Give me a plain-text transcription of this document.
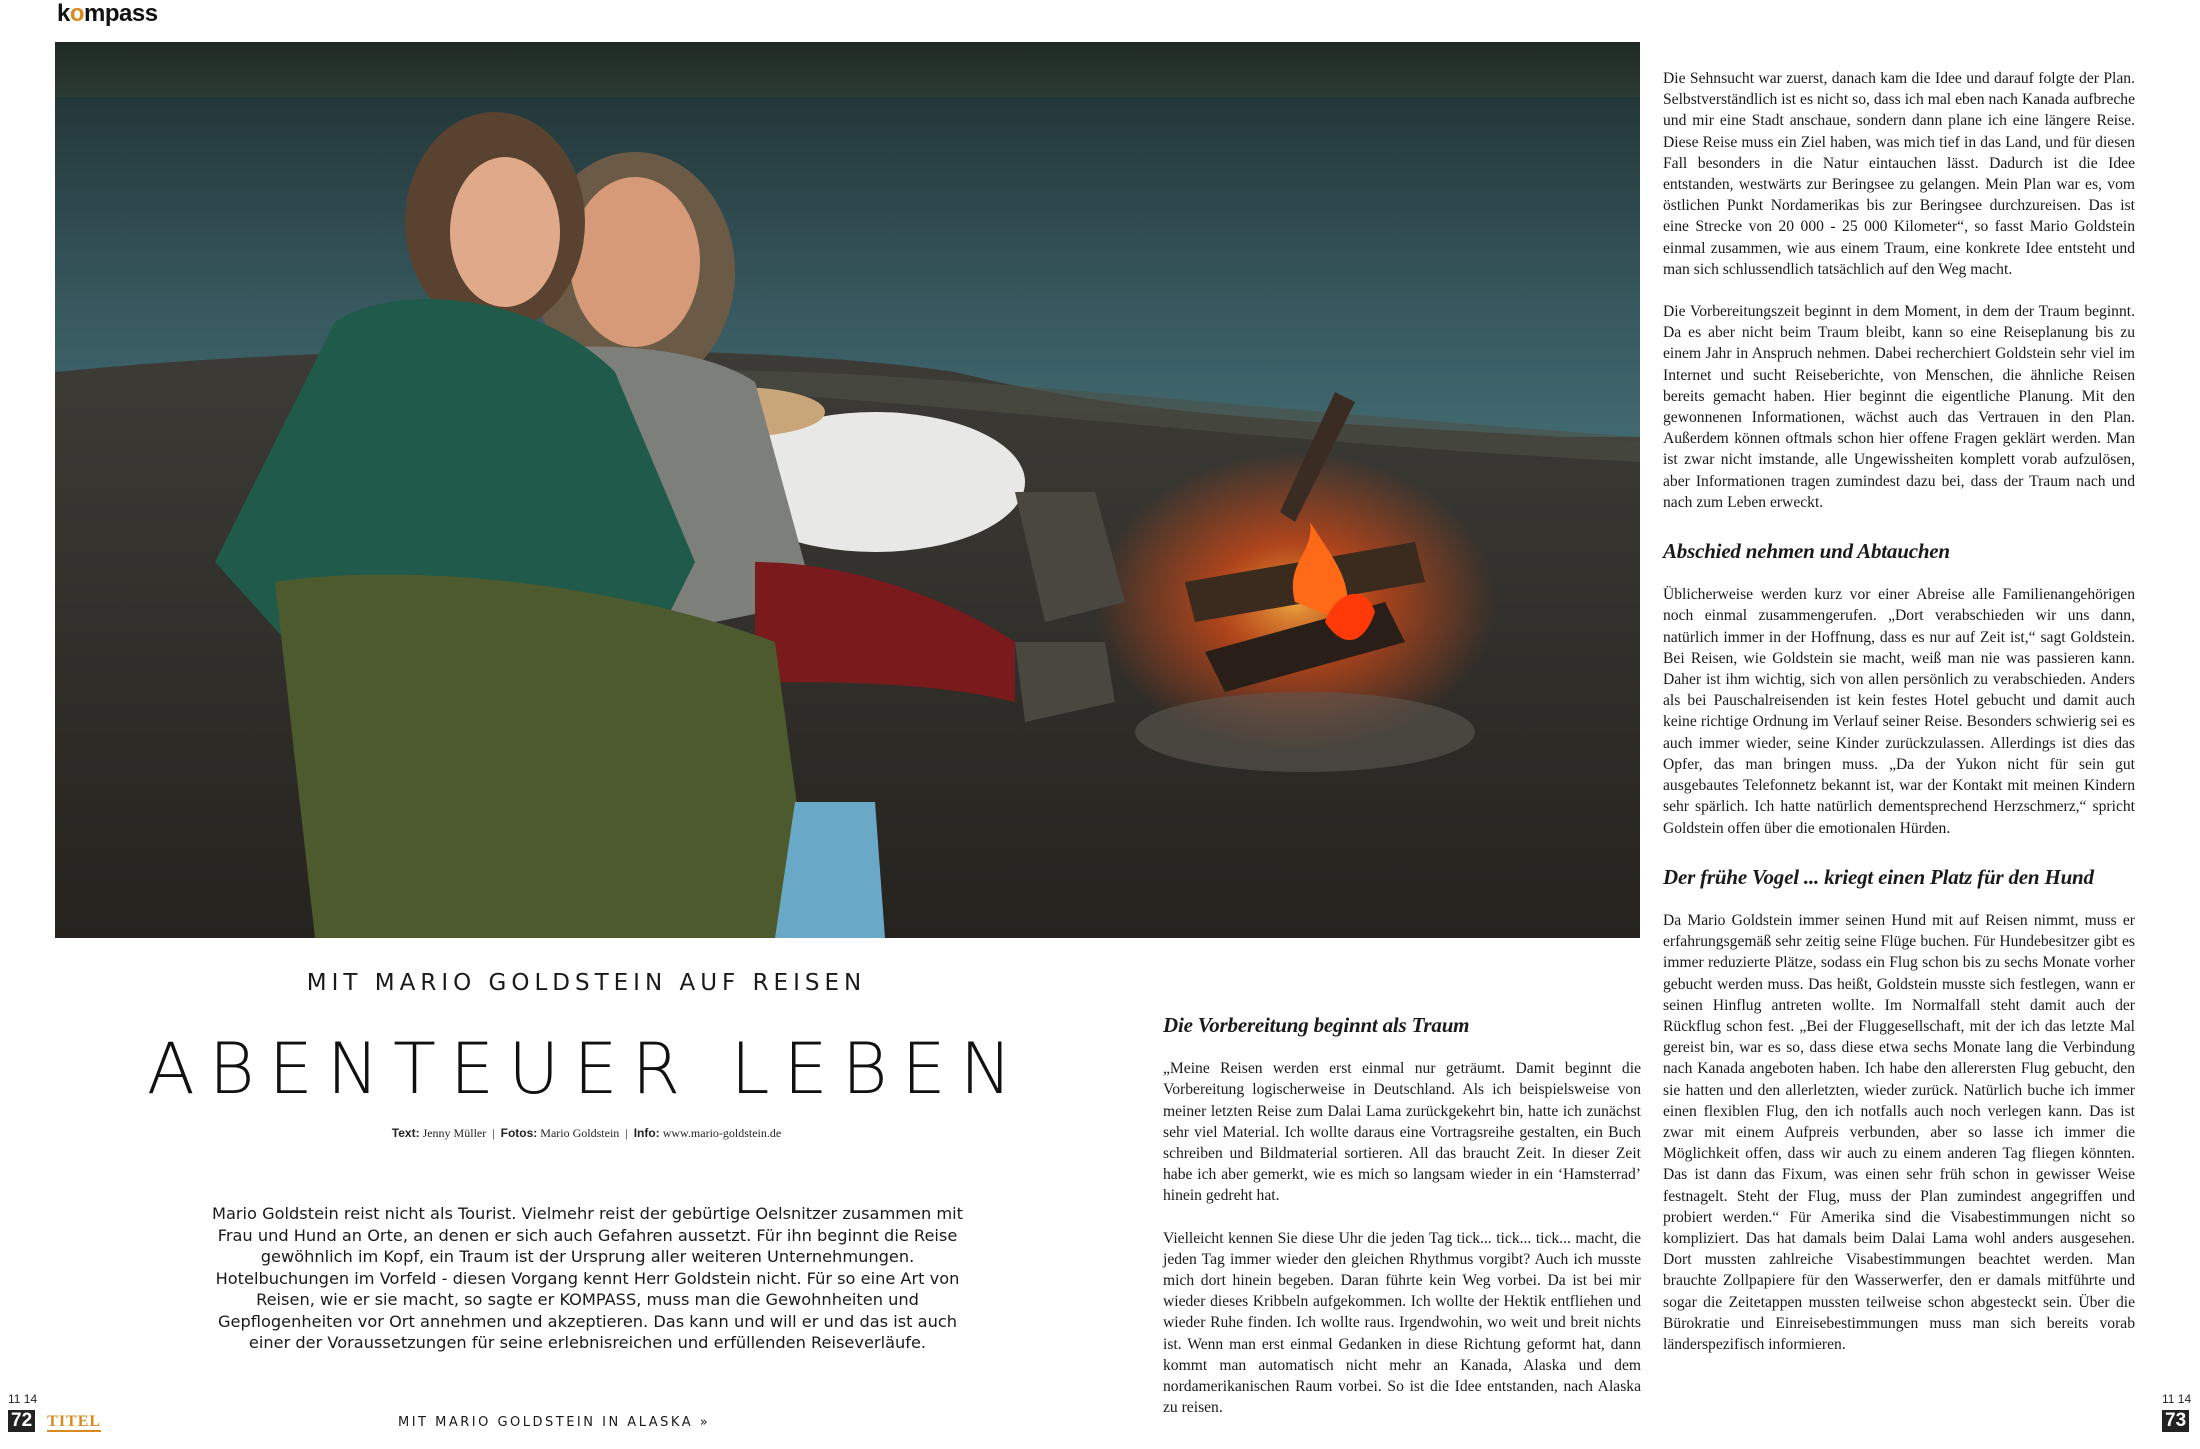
kompass
MIT MARIO GOLDSTEIN AUF REISEN
ABENTEUER LEBEN
Text: Jenny Müller | Fotos: Mario Goldstein | Info: www.mario-goldstein.de
Mario Goldstein reist nicht als Tourist. Vielmehr reist der gebürtige Oelsnitzer zusammen mit Frau und Hund an Orte, an denen er sich auch Gefahren aussetzt. Für ihn beginnt die Reise gewöhnlich im Kopf, ein Traum ist der Ursprung aller weiteren Unternehmungen. Hotelbuchungen im Vorfeld - diesen Vorgang kennt Herr Goldstein nicht. Für so eine Art von Reisen, wie er sie macht, so sagte er KOMPASS, muss man die Gewohnheiten und Gepflogenheiten vor Ort annehmen und akzeptieren. Das kann und will er und das ist auch einer der Voraussetzungen für seine erlebnisreichen und erfüllenden Reiseverläufe.
Die Vorbereitung beginnt als Traum

„Meine Reisen werden erst einmal nur geträumt. Damit beginnt die Vorbereitung logischerweise in Deutschland. Als ich beispielsweise von meiner letzten Reise zum Dalai Lama zurückgekehrt bin, hatte ich zunächst sehr viel Material. Ich wollte daraus eine Vortragsreihe gestalten, ein Buch schreiben und Bildmaterial sortieren. All das braucht Zeit. In dieser Zeit habe ich aber gemerkt, wie es mich so langsam wieder in ein ‘Hamsterrad’ hinein gedreht hat.

Vielleicht kennen Sie diese Uhr die jeden Tag tick... tick... tick... macht, die jeden Tag immer wieder den gleichen Rhythmus vorgibt? Auch ich musste mich dort hinein begeben. Daran führte kein Weg vorbei. Da ist bei mir wieder dieses Kribbeln aufgekommen. Ich wollte der Hektik entfliehen und wieder Ruhe finden. Ich wollte raus. Irgendwohin, wo weit und breit nichts ist. Wenn man erst einmal Gedanken in diese Richtung geformt hat, dann kommt man automatisch nicht mehr an Kanada, Alaska und dem nordamerikanischen Raum vorbei. So ist die Idee entstanden, nach Alaska zu reisen.

Die Sehnsucht war zuerst, danach kam die Idee und darauf folgte der Plan. Selbstverständlich ist es nicht so, dass ich mal eben nach Kanada aufbreche und mir eine Stadt anschaue, sondern dann plane ich eine längere Reise. Diese Reise muss ein Ziel haben, was mich tief in das Land, und für diesen Fall besonders in die Natur eintauchen lässt. Dadurch ist die Idee entstanden, westwärts zur Beringsee zu gelangen. Mein Plan war es, vom östlichen Punkt Nordamerikas bis zur Beringsee durchzureisen. Das ist eine Strecke von 20 000 - 25 000 Kilometer“, so fasst Mario Goldstein einmal zusammen, wie aus einem Traum, eine konkrete Idee entsteht und man sich schlussendlich tatsächlich auf den Weg macht.

Die Vorbereitungszeit beginnt in dem Moment, in dem der Traum beginnt. Da es aber nicht beim Traum bleibt, kann so eine Reiseplanung bis zu einem Jahr in Anspruch nehmen. Dabei recherchiert Goldstein sehr viel im Internet und sucht Reiseberichte, von Menschen, die ähnliche Reisen bereits gemacht haben. Hier beginnt die eigentliche Planung. Mit den gewonnenen Informationen, wächst auch das Vertrauen in den Plan. Außerdem können oftmals schon hier offene Fragen geklärt werden. Man ist zwar nicht imstande, alle Ungewissheiten komplett vorab aufzulösen, aber Informationen tragen zumindest dazu bei, dass der Traum nach und nach zum Leben erweckt.

Abschied nehmen und Abtauchen

Üblicherweise werden kurz vor einer Abreise alle Familienangehörigen noch einmal zusammengerufen. „Dort verabschieden wir uns dann, natürlich immer in der Hoffnung, dass es nur auf Zeit ist,“ sagt Goldstein. Bei Reisen, wie Goldstein sie macht, weiß man nie was passieren kann. Daher ist ihm wichtig, sich von allen persönlich zu verabschieden. Anders als bei Pauschalreisenden ist kein festes Hotel gebucht und damit auch keine richtige Ordnung im Verlauf seiner Reise. Besonders schwierig sei es auch immer wieder, seine Kinder zurückzulassen. Allerdings ist dies das Opfer, das man bringen muss. „Da der Yukon nicht für sein gut ausgebautes Telefonnetz bekannt ist, war der Kontakt mit meinen Kindern sehr spärlich. Ich hatte natürlich dementsprechend Herzschmerz,“ spricht Goldstein offen über die emotionalen Hürden.

Der frühe Vogel ... kriegt einen Platz für den Hund

Da Mario Goldstein immer seinen Hund mit auf Reisen nimmt, muss er erfahrungsgemäß sehr zeitig seine Flüge buchen. Für Hundebesitzer gibt es immer reduzierte Plätze, sodass ein Flug schon bis zu sechs Monate vorher gebucht werden muss. Das heißt, Goldstein musste sich festlegen, wann er seinen Hinflug antreten wollte. Im Normalfall steht damit auch der Rückflug schon fest. „Bei der Fluggesellschaft, mit der ich das letzte Mal gereist bin, war es so, dass diese etwa sechs Monate lang die Verbindung nach Kanada angeboten haben. Ich habe den allerersten Flug gebucht, den sie hatten und den allerletzten, wieder zurück. Natürlich buche ich immer einen flexiblen Flug, den ich notfalls auch noch verlegen kann. Das ist zwar mit einem Aufpreis verbunden, aber so lasse ich immer die Möglichkeit offen, dass wir auch zu einem anderen Tag fliegen könnten. Das ist dann das Fixum, was einen sehr früh schon in gewisser Weise festnagelt. Steht der Flug, muss der Plan zumindest angegriffen und probiert werden.“ Für Amerika sind die Visabestimmungen nicht so kompliziert. Das hat damals beim Dalai Lama wohl anders ausgesehen. Dort mussten zahlreiche Visabestimmungen beachtet werden. Man brauchte Zollpapiere für den Wasserwerfer, den er damals mitführte und sogar die Zeitetappen mussten teilweise schon abgesteckt sein. Über die Bürokratie und Einreisebestimmungen muss man sich bereits vorab länderspezifisch informieren.

11 14
72 TITEL	MIT MARIO GOLDSTEIN IN ALASKA »
11 14
73
